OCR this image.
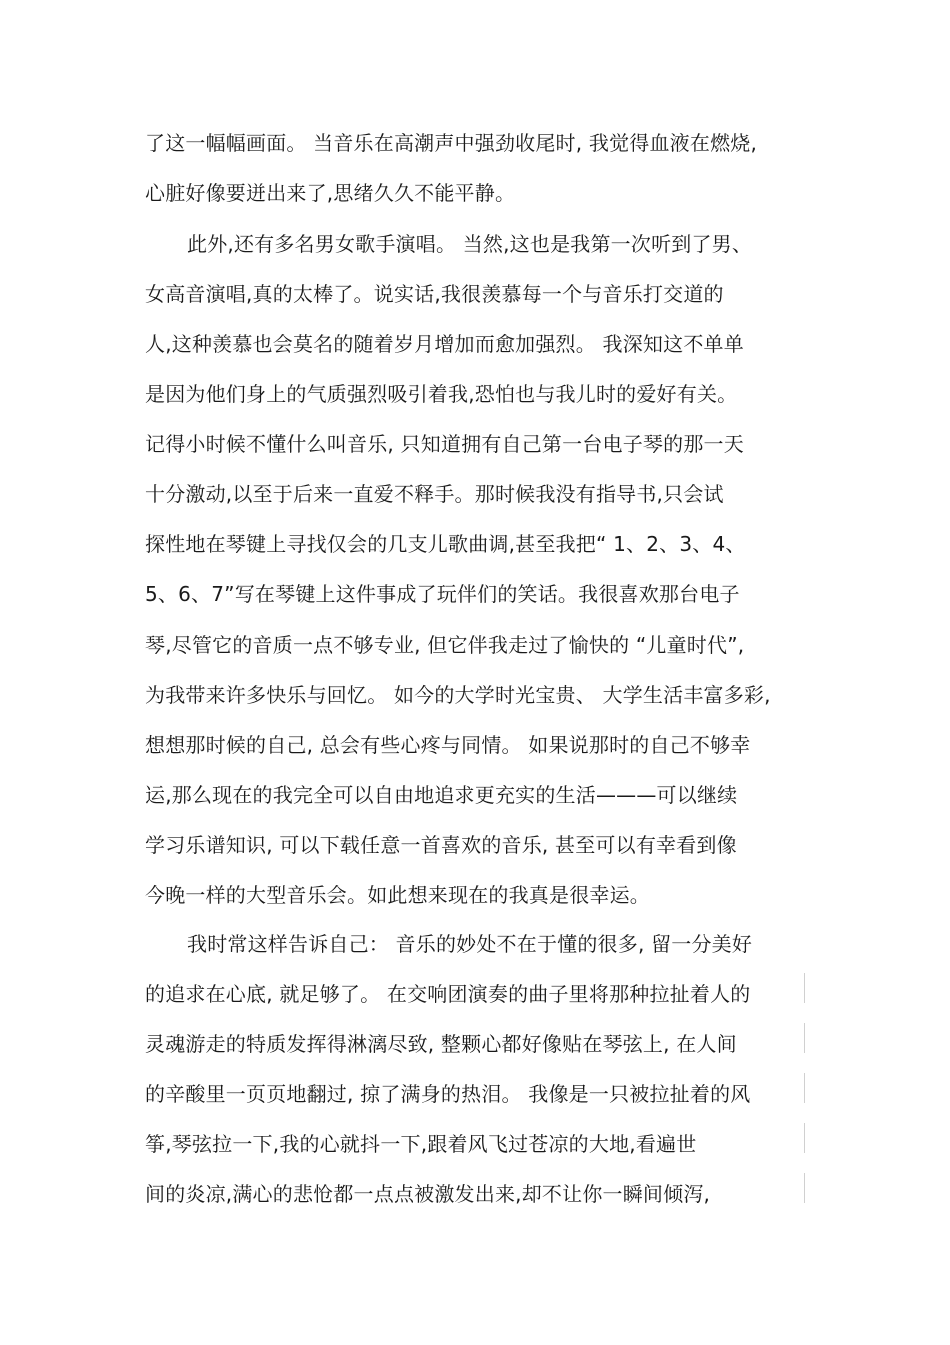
了这一幅幅画面。 当音乐在高潮声中强劲收尾时, 我觉得血液在燃烧,
心脏好像要迸出来了,思绪久久不能平静。
此外,还有多名男女歌手演唱。 当然,这也是我第一次听到了男、
女高音演唱,真的太棒了。说实话,我很羡慕每一个与音乐打交道的
人,这种羡慕也会莫名的随着岁月增加而愈加强烈。 我深知这不单单
是因为他们身上的气质强烈吸引着我,恐怕也与我儿时的爱好有关。
记得小时候不懂什么叫音乐, 只知道拥有自己第一台电子琴的那一天
十分激动,以至于后来一直爱不释手。那时候我没有指导书,只会试
探性地在琴键上寻找仅会的几支儿歌曲调,甚至我把“ 1、2、3、4、
5、6、7”写在琴键上这件事成了玩伴们的笑话。我很喜欢那台电子
琴,尽管它的音质一点不够专业, 但它伴我走过了愉快的 “儿童时代”,
为我带来许多快乐与回忆。 如今的大学时光宝贵、 大学生活丰富多彩,
想想那时候的自己, 总会有些心疼与同情。 如果说那时的自己不够幸
运,那么现在的我完全可以自由地追求更充实的生活———可以继续
学习乐谱知识, 可以下载任意一首喜欢的音乐, 甚至可以有幸看到像
今晚一样的大型音乐会。如此想来现在的我真是很幸运。
我时常这样告诉自己： 音乐的妙处不在于懂的很多, 留一分美好
的追求在心底, 就足够了。 在交响团演奏的曲子里将那种拉扯着人的
灵魂游走的特质发挥得淋漓尽致, 整颗心都好像贴在琴弦上, 在人间
的辛酸里一页页地翻过, 掠了满身的热泪。 我像是一只被拉扯着的风
筝,琴弦拉一下,我的心就抖一下,跟着风飞过苍凉的大地,看遍世
间的炎凉,满心的悲怆都一点点被激发出来,却不让你一瞬间倾泻,
